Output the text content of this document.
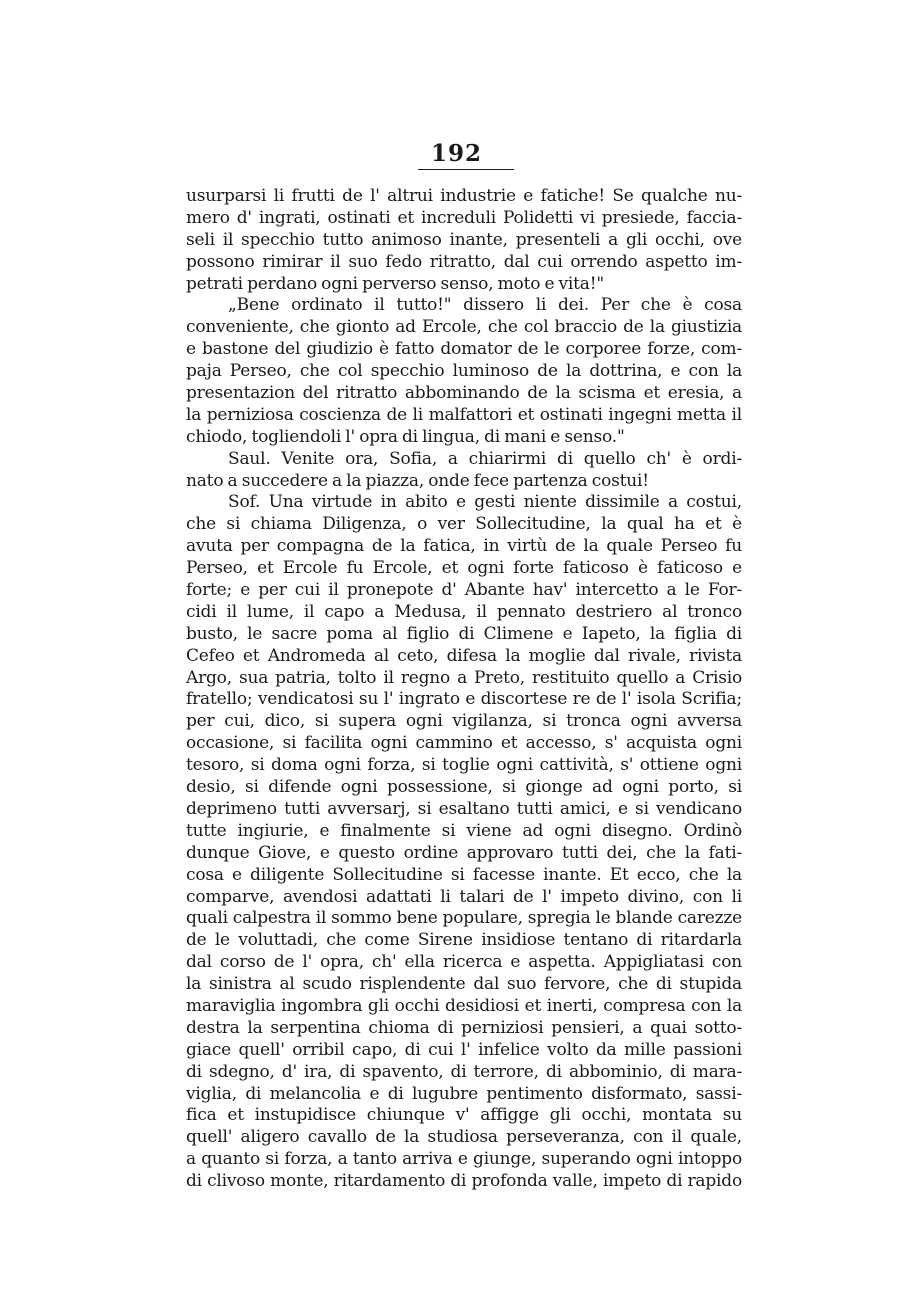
192
usurparsi li frutti de l' altrui industrie e fatiche! Se qualche nu-
mero d' ingrati, ostinati et increduli Polidetti vi presiede, faccia-
seli il specchio tutto animoso inante, presenteli a gli occhi, ove
possono rimirar il suo fedo ritratto, dal cui orrendo aspetto im-
petrati perdano ogni perverso senso, moto e vita!"
„Bene ordinato il tutto!" dissero li dei. Per che è cosa
conveniente, che gionto ad Ercole, che col braccio de la giustizia
e bastone del giudizio è fatto domator de le corporee forze, com-
paja Perseo, che col specchio luminoso de la dottrina, e con la
presentazion del ritratto abbominando de la scisma et eresia, a
la perniziosa coscienza de li malfattori et ostinati ingegni metta il
chiodo, togliendoli l' opra di lingua, di mani e senso."
Saul. Venite ora, Sofia, a chiarirmi di quello ch' è ordi-
nato a succedere a la piazza, onde fece partenza costui!
Sof. Una virtude in abito e gesti niente dissimile a costui,
che si chiama Diligenza, o ver Sollecitudine, la qual ha et è
avuta per compagna de la fatica, in virtù de la quale Perseo fu
Perseo, et Ercole fu Ercole, et ogni forte faticoso è faticoso e
forte; e per cui il pronepote d' Abante hav' intercetto a le For-
cidi il lume, il capo a Medusa, il pennato destriero al tronco
busto, le sacre poma al figlio di Climene e Iapeto, la figlia di
Cefeo et Andromeda al ceto, difesa la moglie dal rivale, rivista
Argo, sua patria, tolto il regno a Preto, restituito quello a Crisio
fratello; vendicatosi su l' ingrato e discortese re de l' isola Scrifia;
per cui, dico, si supera ogni vigilanza, si tronca ogni avversa
occasione, si facilita ogni cammino et accesso, s' acquista ogni
tesoro, si doma ogni forza, si toglie ogni cattività, s' ottiene ogni
desio, si difende ogni possessione, si gionge ad ogni porto, si
deprimeno tutti avversarj, si esaltano tutti amici, e si vendicano
tutte ingiurie, e finalmente si viene ad ogni disegno. Ordinò
dunque Giove, e questo ordine approvaro tutti dei, che la fati-
cosa e diligente Sollecitudine si facesse inante. Et ecco, che la
comparve, avendosi adattati li talari de l' impeto divino, con li
quali calpestra il sommo bene populare, spregia le blande carezze
de le voluttadi, che come Sirene insidiose tentano di ritardarla
dal corso de l' opra, ch' ella ricerca e aspetta. Appigliatasi con
la sinistra al scudo risplendente dal suo fervore, che di stupida
maraviglia ingombra gli occhi desidiosi et inerti, compresa con la
destra la serpentina chioma di perniziosi pensieri, a quai sotto-
giace quell' orribil capo, di cui l' infelice volto da mille passioni
di sdegno, d' ira, di spavento, di terrore, di abbominio, di mara-
viglia, di melancolia e di lugubre pentimento disformato, sassi-
fica et instupidisce chiunque v' affigge gli occhi, montata su
quell' aligero cavallo de la studiosa perseveranza, con il quale,
a quanto si forza, a tanto arriva e giunge, superando ogni intoppo
di clivoso monte, ritardamento di profonda valle, impeto di rapido
